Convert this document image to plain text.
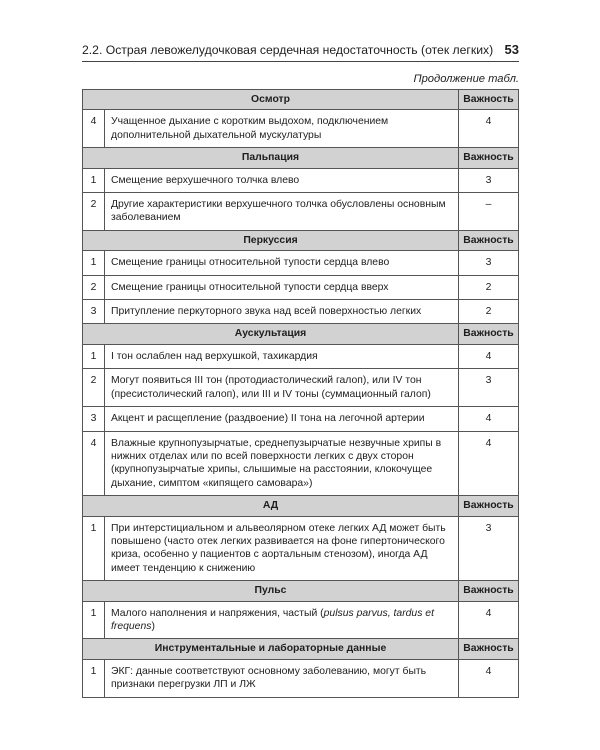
2.2. Острая левожелудочковая сердечная недостаточность (отек легких) 53
Продолжение табл.
Осмотр		Важность
4	Учащенное дыхание с коротким выдохом, подключением дополнительной дыхательной мускулатуры	4
Пальпация		Важность
1	Смещение верхушечного толчка влево	3
2	Другие характеристики верхушечного толчка обусловлены основным заболеванием	–
Перкуссия		Важность
1	Смещение границы относительной тупости сердца влево	3
2	Смещение границы относительной тупости сердца вверх	2
3	Притупление перкуторного звука над всей поверхностью легких	2
Аускультация		Важность
1	I тон ослаблен над верхушкой, тахикардия	4
2	Могут появиться III тон (протодиастолический галоп), или IV тон (пресистолический галоп), или III и IV тоны (суммационный галоп)	3
3	Акцент и расщепление (раздвоение) II тона на легочной артерии	4
4	Влажные крупнопузырчатые, среднепузырчатые незвучные хрипы в нижних отделах или по всей поверхности легких с двух сторон (крупнопузырчатые хрипы, слышимые на расстоянии, клокочущее дыхание, симптом «кипящего самовара»)	4
АД		Важность
1	При интерстициальном и альвеолярном отеке легких АД может быть повышено (часто отек легких развивается на фоне гипертонического криза, особенно у пациентов с аортальным стенозом), иногда АД имеет тенденцию к снижению	3
Пульс		Важность
1	Малого наполнения и напряжения, частый (pulsus parvus, tardus et frequens)	4
Инструментальные и лабораторные данные		Важность
1	ЭКГ: данные соответствуют основному заболеванию, могут быть признаки перегрузки ЛП и ЛЖ	4
